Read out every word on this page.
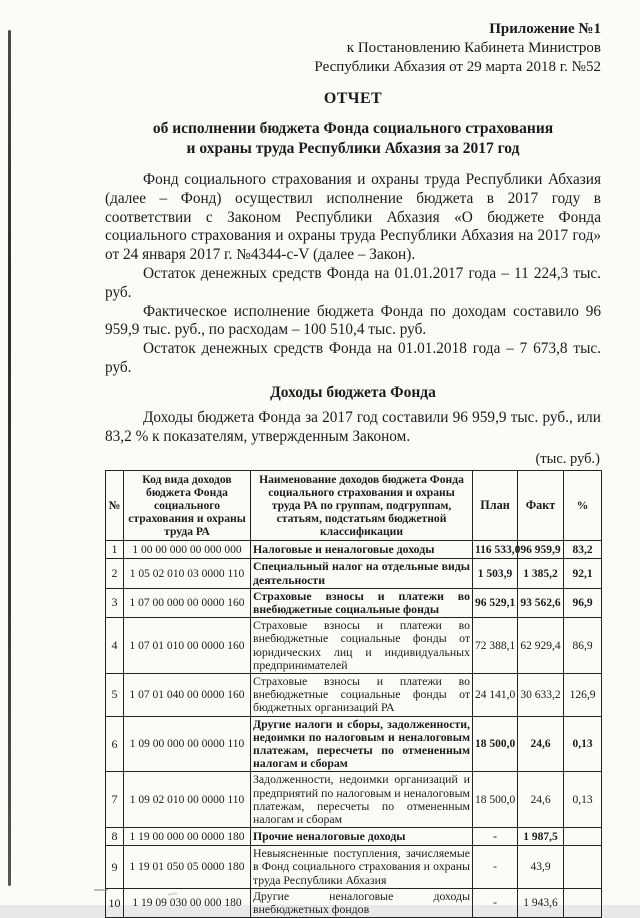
Приложение №1
к Постановлению Кабинета Министров
Республики Абхазия от 29 марта 2018 г. №52
ОТЧЕТ
об исполнении бюджета Фонда социального страхования
и охраны труда Республики Абхазия за 2017 год

Фонд социального страхования и охраны труда Республики Абхазия (далее – Фонд) осуществил исполнение бюджета в 2017 году в соответствии с Законом Республики Абхазия «О бюджете Фонда социального страхования и охраны труда Республики Абхазия на 2017 год» от 24 января 2017 г. №4344-с-V (далее – Закон).

Остаток денежных средств Фонда на 01.01.2017 года – 11 224,3 тыс. руб.

Фактическое исполнение бюджета Фонда по доходам составило 96 959,9 тыс. руб., по расходам – 100 510,4 тыс. руб.

Остаток денежных средств Фонда на 01.01.2018 года – 7 673,8 тыс. руб.

Доходы бюджета Фонда

Доходы бюджета Фонда за 2017 год составили 96 959,9 тыс. руб., или 83,2 % к показателям, утвержденным Законом.

(тыс. руб.)
№	Код вида доходов бюджета Фонда социального страхования и охраны труда РА	Наименование доходов бюджета Фонда социального страхования и охраны труда РА по группам, подгруппам, статьям, подстатьям бюджетной классификации	План	Факт	%
1	1 00 00 000 00 000 000	Налоговые и неналоговые доходы	116 533,0	96 959,9	83,2
2	1 05 02 010 03 0000 110	Специальный налог на отдельные виды деятельности	1 503,9	1 385,2	92,1
3	1 07 00 000 00 0000 160	Страховые взносы и платежи во внебюджетные социальные фонды	96 529,1	93 562,6	96,9
4	1 07 01 010 00 0000 160	Страховые взносы и платежи во внебюджетные социальные фонды от юридических лиц и индивидуальных предпринимателей	72 388,1	62 929,4	86,9
5	1 07 01 040 00 0000 160	Страховые взносы и платежи во внебюджетные социальные фонды от бюджетных организаций РА	24 141,0	30 633,2	126,9
6	1 09 00 000 00 0000 110	Другие налоги и сборы, задолженности, недоимки по налоговым и неналоговым платежам, пересчеты по отмененным налогам и сборам	18 500,0	24,6	0,13
7	1 09 02 010 00 0000 110	Задолженности, недоимки организаций и предприятий по налоговым и неналоговым платежам, пересчеты по отмененным налогам и сборам	18 500,0	24,6	0,13
8	1 19 00 000 00 0000 180	Прочие неналоговые доходы	-	1 987,5	
9	1 19 01 050 05 0000 180	Невыясненные поступления, зачисляемые в Фонд социального страхования и охраны труда Республики Абхазия	-	43,9	
10	1 19 09 030 00 000 180	Другие неналоговые доходы внебюджетных фондов	-	1 943,6	
